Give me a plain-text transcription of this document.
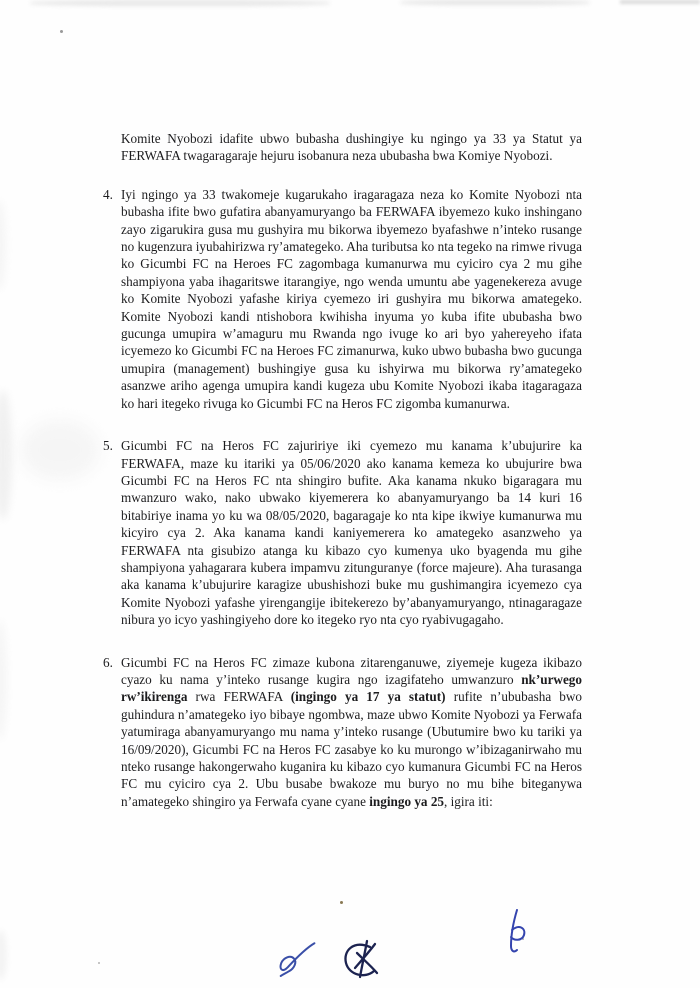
Komite Nyobozi idafite ubwo bubasha dushingiye ku ngingo ya 33 ya Statut ya FERWAFA twagaragaraje hejuru isobanura neza ububasha bwa Komiye Nyobozi.

4. Iyi ngingo ya 33 twakomeje kugarukaho iragaragaza neza ko Komite Nyobozi nta bubasha ifite bwo gufatira abanyamuryango ba FERWAFA ibyemezo kuko inshingano zayo zigarukira gusa mu gushyira mu bikorwa ibyemezo byafashwe n’inteko rusange no kugenzura iyubahirizwa ry’amategeko. Aha tuributsa ko nta tegeko na rimwe rivuga ko Gicumbi FC na Heroes FC zagombaga kumanurwa mu cyiciro cya 2 mu gihe shampiyona yaba ihagaritswe itarangiye, ngo wenda umuntu abe yagenekereza avuge ko Komite Nyobozi yafashe kiriya cyemezo iri gushyira mu bikorwa amategeko. Komite Nyobozi kandi ntishobora kwihisha inyuma yo kuba ifite ububasha bwo gucunga umupira w’amaguru mu Rwanda ngo ivuge ko ari byo yahereyeho ifata icyemezo ko Gicumbi FC na Heroes FC zimanurwa, kuko ubwo bubasha bwo gucunga umupira (management) bushingiye gusa ku ishyirwa mu bikorwa ry’amategeko asanzwe ariho agenga umupira kandi kugeza ubu Komite Nyobozi ikaba itagaragaza ko hari itegeko rivuga ko Gicumbi FC na Heros FC zigomba kumanurwa.

5. Gicumbi FC na Heros FC zajuririye iki cyemezo mu kanama k’ubujurire ka FERWAFA, maze ku itariki ya 05/06/2020 ako kanama kemeza ko ubujurire bwa Gicumbi FC na Heros FC nta shingiro bufite. Aka kanama nkuko bigaragara mu mwanzuro wako, nako ubwako kiyemerera ko abanyamuryango ba 14 kuri 16 bitabiriye inama yo ku wa 08/05/2020, bagaragaje ko nta kipe ikwiye kumanurwa mu kicyiro cya 2. Aka kanama kandi kaniyemerera ko amategeko asanzweho ya FERWAFA nta gisubizo atanga ku kibazo cyo kumenya uko byagenda mu gihe shampiyona yahagarara kubera impamvu zitunguranye (force majeure). Aha turasanga aka kanama k’ubujurire karagize ubushishozi buke mu gushimangira icyemezo cya Komite Nyobozi yafashe yirengangije ibitekerezo by’abanyamuryango, ntinagaragaze nibura yo icyo yashingiyeho dore ko itegeko ryo nta cyo ryabivugagaho.

6. Gicumbi FC na Heros FC zimaze kubona zitarenganuwe, ziyemeje kugeza ikibazo cyazo ku nama y’inteko rusange kugira ngo izagifateho umwanzuro nk’urwego rw’ikirenga rwa FERWAFA (ingingo ya 17 ya statut) rufite n’ububasha bwo guhindura n’amategeko iyo bibaye ngombwa, maze ubwo Komite Nyobozi ya Ferwafa yatumiraga abanyamuryango mu nama y’inteko rusange (Ubutumire bwo ku tariki ya 16/09/2020), Gicumbi FC na Heros FC zasabye ko ku murongo w’ibizaganirwaho mu nteko rusange hakongerwaho kuganira ku kibazo cyo kumanura Gicumbi FC na Heros FC mu cyiciro cya 2. Ubu busabe bwakoze mu buryo no mu bihe biteganywa n’amategeko shingiro ya Ferwafa cyane cyane ingingo ya 25, igira iti:
